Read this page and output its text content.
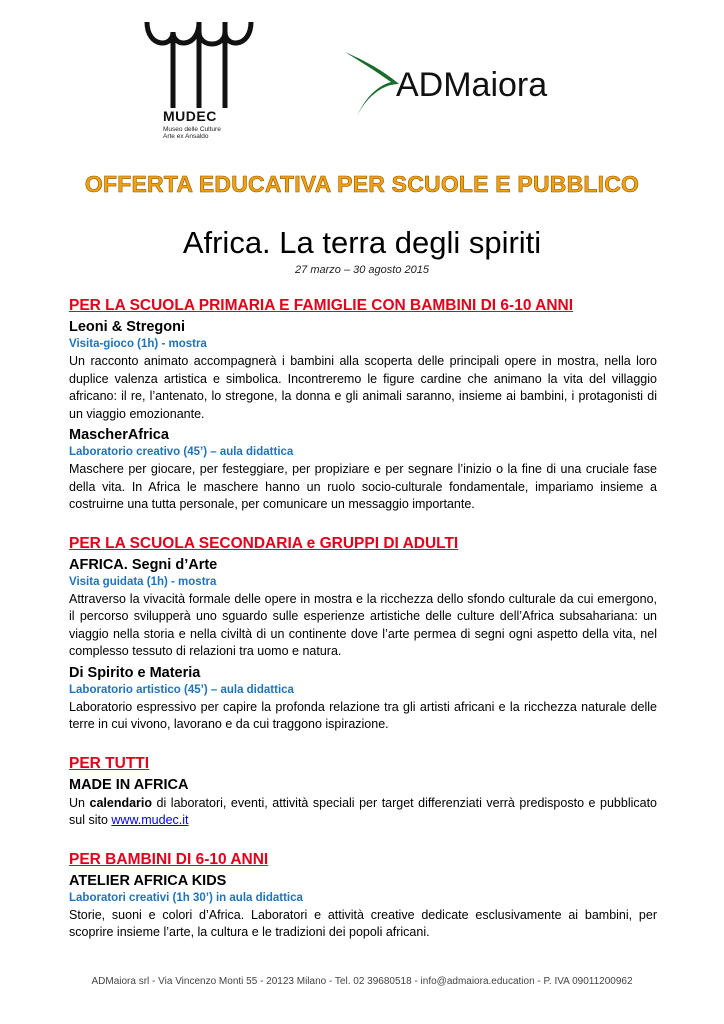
MUDEC
Museo delle Culture
Arte ex Ansaldo
ADMaiora
OFFERTA EDUCATIVA PER SCUOLE E PUBBLICO
Africa. La terra degli spiriti
27 marzo – 30 agosto 2015

PER LA SCUOLA PRIMARIA E FAMIGLIE CON BAMBINI DI 6-10 ANNI

Leoni & Stregoni

Visita-gioco (1h) - mostra

Un racconto animato accompagnerà i bambini alla scoperta delle principali opere in mostra, nella loro duplice valenza artistica e simbolica. Incontreremo le figure cardine che animano la vita del villaggio africano: il re, l’antenato, lo stregone, la donna e gli animali saranno, insieme ai bambini, i protagonisti di un viaggio emozionante.

MascherAfrica

Laboratorio creativo (45’) – aula didattica

Maschere per giocare, per festeggiare, per propiziare e per segnare l’inizio o la fine di una cruciale fase della vita. In Africa le maschere hanno un ruolo socio-culturale fondamentale, impariamo insieme a costruirne una tutta personale, per comunicare un messaggio importante.

PER LA SCUOLA SECONDARIA e GRUPPI DI ADULTI

AFRICA. Segni d’Arte

Visita guidata (1h) - mostra

Attraverso la vivacità formale delle opere in mostra e la ricchezza dello sfondo culturale da cui emergono, il percorso svilupperà uno sguardo sulle esperienze artistiche delle culture dell’Africa subsahariana: un viaggio nella storia e nella civiltà di un continente dove l’arte permea di segni ogni aspetto della vita, nel complesso tessuto di relazioni tra uomo e natura.

Di Spirito e Materia

Laboratorio artistico (45’) – aula didattica

Laboratorio espressivo per capire la profonda relazione tra gli artisti africani e la ricchezza naturale delle terre in cui vivono, lavorano e da cui traggono ispirazione.

PER TUTTI

MADE IN AFRICA

Un calendario di laboratori, eventi, attività speciali per target differenziati verrà predisposto e pubblicato sul sito www.mudec.it

PER BAMBINI DI 6-10 ANNI

ATELIER AFRICA KIDS

Laboratori creativi (1h 30’) in aula didattica

Storie, suoni e colori d’Africa. Laboratori e attività creative dedicate esclusivamente ai bambini, per scoprire insieme l’arte, la cultura e le tradizioni dei popoli africani.

ADMaiora srl - Via Vincenzo Monti 55 - 20123 Milano - Tel. 02 39680518 - info@admaiora.education - P. IVA 09011200962
